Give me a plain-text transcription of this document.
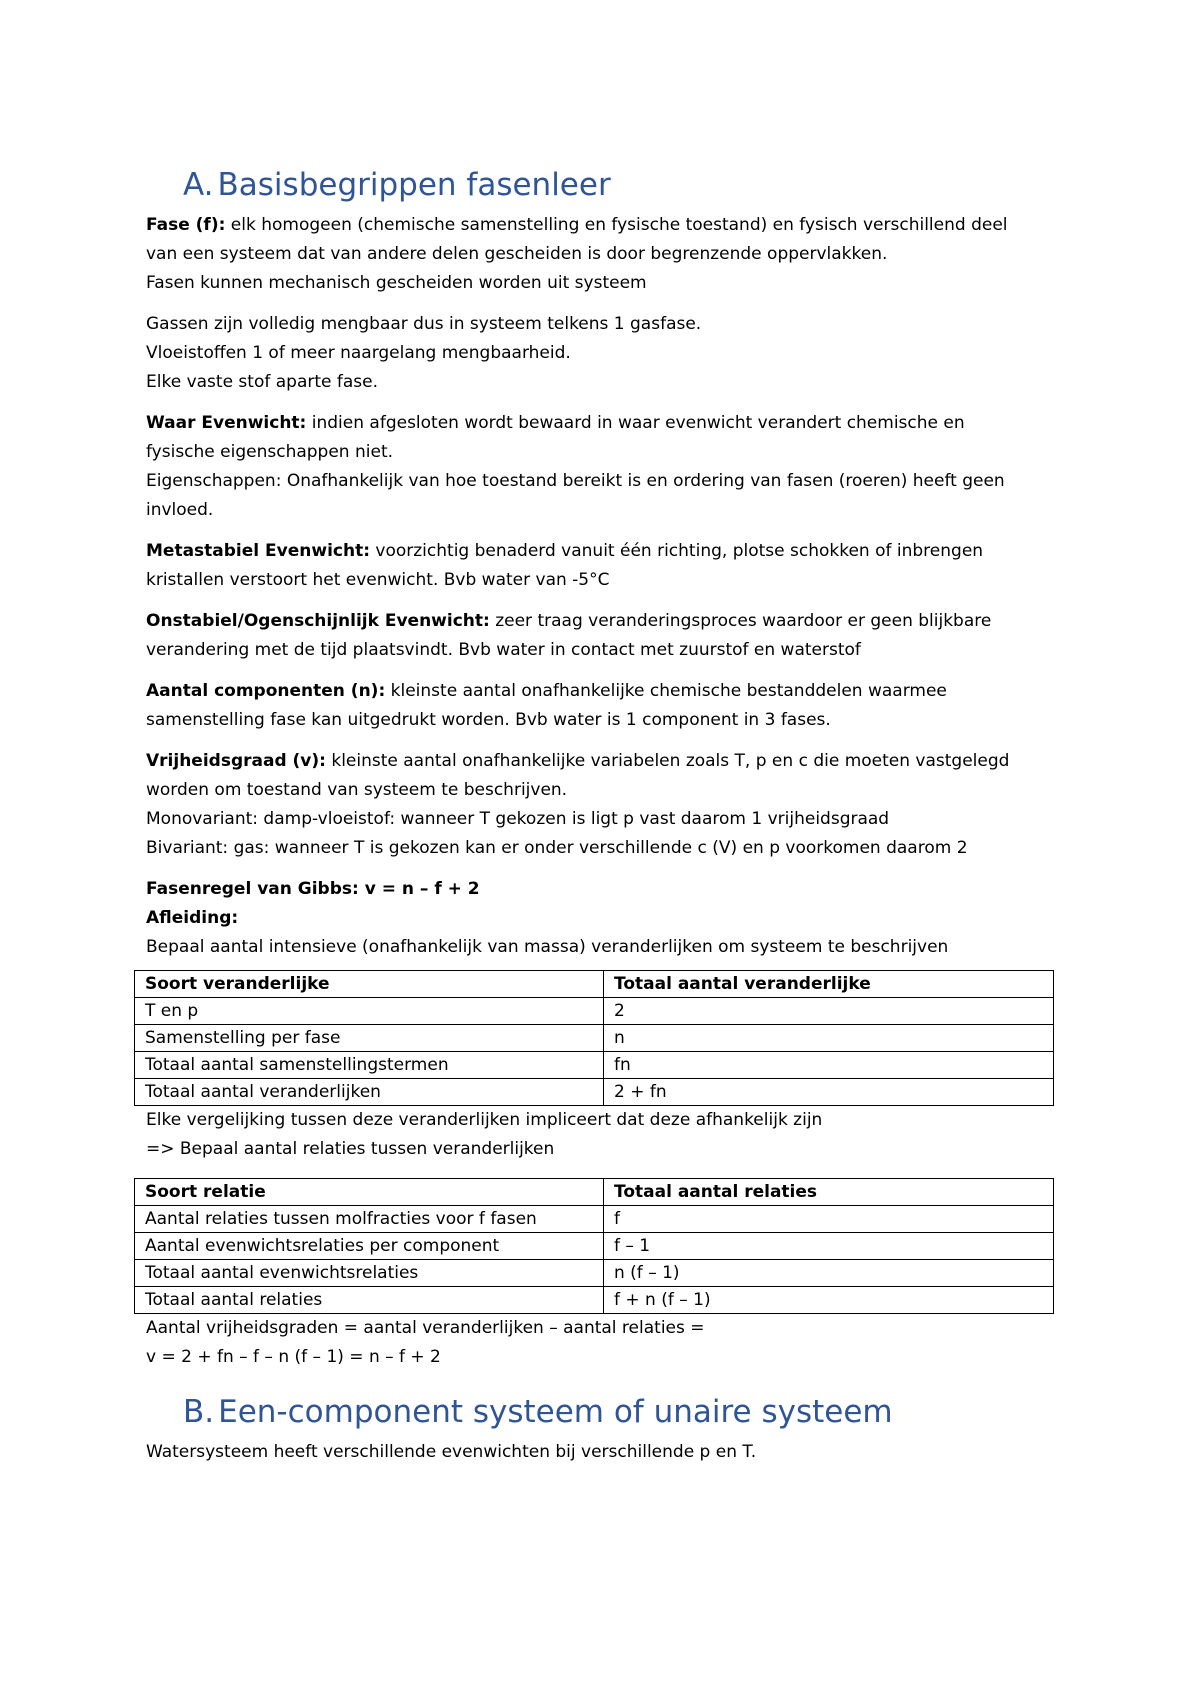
A. Basisbegrippen fasenleer
Fase (f): elk homogeen (chemische samenstelling en fysische toestand) en fysisch verschillend deel
van een systeem dat van andere delen gescheiden is door begrenzende oppervlakken.
Fasen kunnen mechanisch gescheiden worden uit systeem
Gassen zijn volledig mengbaar dus in systeem telkens 1 gasfase.
Vloeistoffen 1 of meer naargelang mengbaarheid.
Elke vaste stof aparte fase.
Waar Evenwicht: indien afgesloten wordt bewaard in waar evenwicht verandert chemische en
fysische eigenschappen niet.
Eigenschappen: Onafhankelijk van hoe toestand bereikt is en ordering van fasen (roeren) heeft geen
invloed.
Metastabiel Evenwicht: voorzichtig benaderd vanuit één richting, plotse schokken of inbrengen
kristallen verstoort het evenwicht. Bvb water van -5°C
Onstabiel/Ogenschijnlijk Evenwicht: zeer traag veranderingsproces waardoor er geen blijkbare
verandering met de tijd plaatsvindt. Bvb water in contact met zuurstof en waterstof
Aantal componenten (n): kleinste aantal onafhankelijke chemische bestanddelen waarmee
samenstelling fase kan uitgedrukt worden. Bvb water is 1 component in 3 fases.
Vrijheidsgraad (v): kleinste aantal onafhankelijke variabelen zoals T, p en c die moeten vastgelegd
worden om toestand van systeem te beschrijven.
Monovariant: damp-vloeistof: wanneer T gekozen is ligt p vast daarom 1 vrijheidsgraad
Bivariant: gas: wanneer T is gekozen kan er onder verschillende c (V) en p voorkomen daarom 2
Fasenregel van Gibbs: v = n – f + 2
Afleiding:
Bepaal aantal intensieve (onafhankelijk van massa) veranderlijken om systeem te beschrijven
Soort veranderlijke	Totaal aantal veranderlijke
T en p	2
Samenstelling per fase	n
Totaal aantal samenstellingstermen	fn
Totaal aantal veranderlijken	2 + fn
Elke vergelijking tussen deze veranderlijken impliceert dat deze afhankelijk zijn
=> Bepaal aantal relaties tussen veranderlijken
Soort relatie	Totaal aantal relaties
Aantal relaties tussen molfracties voor f fasen	f
Aantal evenwichtsrelaties per component	f – 1
Totaal aantal evenwichtsrelaties	n (f – 1)
Totaal aantal relaties	f + n (f – 1)
Aantal vrijheidsgraden = aantal veranderlijken – aantal relaties =
v = 2 + fn – f – n (f – 1) = n – f + 2
B. Een-component systeem of unaire systeem
Watersysteem heeft verschillende evenwichten bij verschillende p en T.
